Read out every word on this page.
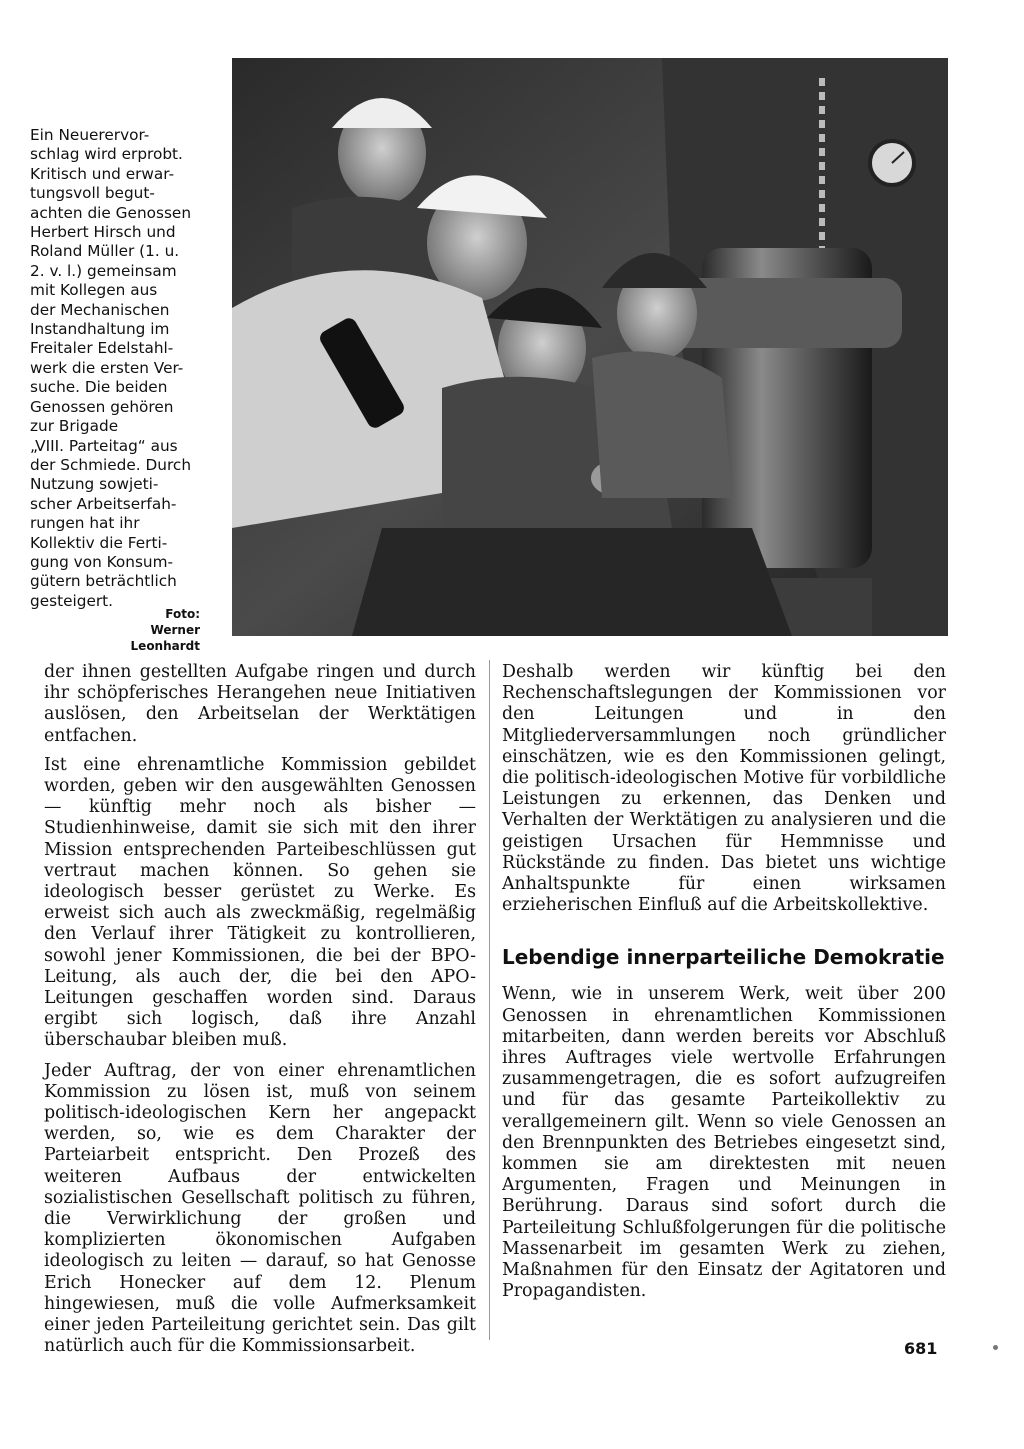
Ein Neuerervor-
schlag wird erprobt.
Kritisch und erwar-
tungsvoll begut-
achten die Genossen
Herbert Hirsch und
Roland Müller (1. u.
2. v. l.) gemeinsam
mit Kollegen aus
der Mechanischen
Instandhaltung im
Freitaler Edelstahl-
werk die ersten Ver-
suche. Die beiden
Genossen gehören
zur Brigade
„VIII. Parteitag“ aus
der Schmiede. Durch
Nutzung sowjeti-
scher Arbeitserfah-
rungen hat ihr
Kollektiv die Ferti-
gung von Konsum-
gütern beträchtlich
gesteigert.
Foto:
Werner Leonhardt

der ihnen gestellten Aufgabe ringen und durch ihr schöpferisches Herangehen neue Initiativen auslösen, den Arbeitselan der Werktätigen entfachen.

Ist eine ehrenamtliche Kommission gebildet worden, geben wir den ausgewählten Genossen — künftig mehr noch als bisher — Studienhinweise, damit sie sich mit den ihrer Mission entsprechenden Parteibeschlüssen gut vertraut machen können. So gehen sie ideologisch besser gerüstet zu Werke. Es erweist sich auch als zweckmäßig, regelmäßig den Verlauf ihrer Tätigkeit zu kontrollieren, sowohl jener Kommissionen, die bei der BPO-Leitung, als auch der, die bei den APO-Leitungen geschaffen worden sind. Daraus ergibt sich logisch, daß ihre Anzahl überschaubar bleiben muß.

Jeder Auftrag, der von einer ehrenamtlichen Kommission zu lösen ist, muß von seinem politisch-ideologischen Kern her angepackt werden, so, wie es dem Charakter der Parteiarbeit entspricht. Den Prozeß des weiteren Aufbaus der entwickelten sozialistischen Gesellschaft politisch zu führen, die Verwirklichung der großen und komplizierten ökonomischen Aufgaben ideologisch zu leiten — darauf, so hat Genosse Erich Honecker auf dem 12. Plenum hingewiesen, muß die volle Aufmerksamkeit einer jeden Parteileitung gerichtet sein. Das gilt natürlich auch für die Kommissionsarbeit.

Deshalb werden wir künftig bei den Rechenschaftslegungen der Kommissionen vor den Leitungen und in den Mitgliederversammlungen noch gründlicher einschätzen, wie es den Kommissionen gelingt, die politisch-ideologischen Motive für vorbildliche Leistungen zu erkennen, das Denken und Verhalten der Werktätigen zu analysieren und die geistigen Ursachen für Hemmnisse und Rückstände zu finden. Das bietet uns wichtige Anhaltspunkte für einen wirksamen erzieherischen Einfluß auf die Arbeitskollektive.

Lebendige innerparteiliche Demokratie

Wenn, wie in unserem Werk, weit über 200 Genossen in ehrenamtlichen Kommissionen mitarbeiten, dann werden bereits vor Abschluß ihres Auftrages viele wertvolle Erfahrungen zusammengetragen, die es sofort aufzugreifen und für das gesamte Parteikollektiv zu verallgemeinern gilt. Wenn so viele Genossen an den Brennpunkten des Betriebes eingesetzt sind, kommen sie am direktesten mit neuen Argumenten, Fragen und Meinungen in Berührung. Daraus sind sofort durch die Parteileitung Schlußfolgerungen für die politische Massenarbeit im gesamten Werk zu ziehen, Maßnahmen für den Einsatz der Agitatoren und Propagandisten.

681
